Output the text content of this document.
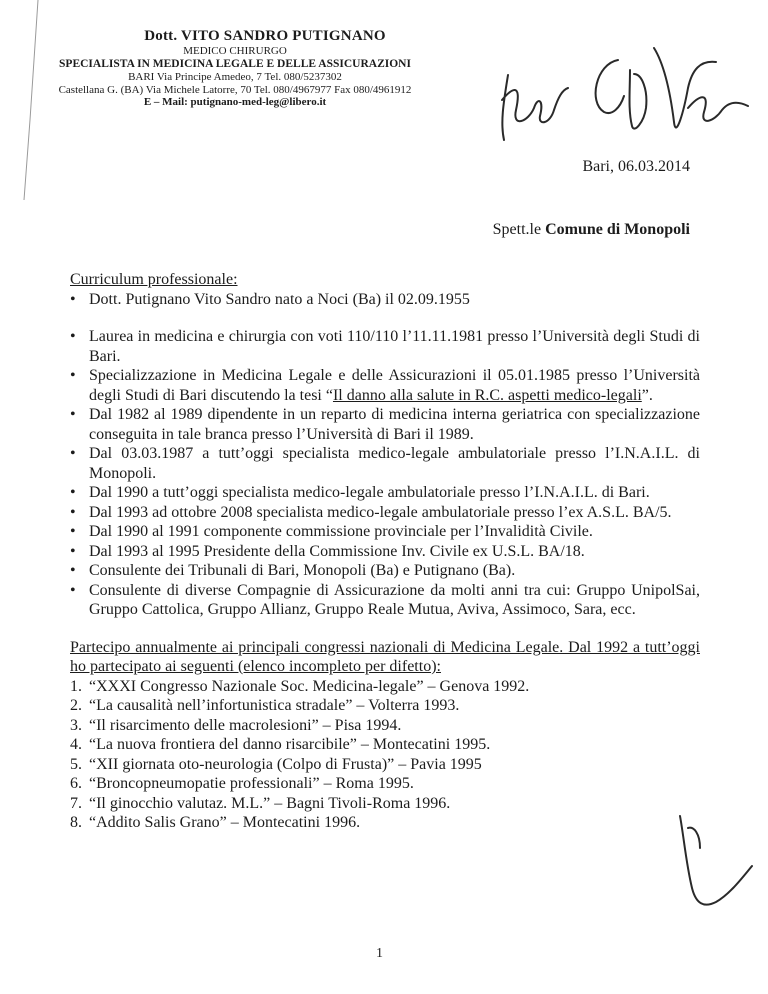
Dott. VITO SANDRO PUTIGNANO
MEDICO CHIRURGO
SPECIALISTA IN MEDICINA LEGALE E DELLE ASSICURAZIONI
BARI Via Principe Amedeo, 7 Tel. 080/5237302
Castellana G. (BA) Via Michele Latorre, 70 Tel. 080/4967977 Fax 080/4961912
E – Mail: putignano-med-leg@libero.it
Bari, 06.03.2014
Spett.le Comune di Monopoli

Curriculum professionale:

• Dott. Putignano Vito Sandro nato a Noci (Ba) il 02.09.1955
• Laurea in medicina e chirurgia con voti 110/110 l’11.11.1981 presso l’Università degli Studi di Bari.
• Specializzazione in Medicina Legale e delle Assicurazioni il 05.01.1985 presso l’Università degli Studi di Bari discutendo la tesi “Il danno alla salute in R.C. aspetti medico-legali”.
• Dal 1982 al 1989 dipendente in un reparto di medicina interna geriatrica con specializzazione conseguita in tale branca presso l’Università di Bari il 1989.
• Dal 03.03.1987 a tutt’oggi specialista medico-legale ambulatoriale presso l’I.N.A.I.L. di Monopoli.
• Dal 1990 a tutt’oggi specialista medico-legale ambulatoriale presso l’I.N.A.I.L. di Bari.
• Dal 1993 ad ottobre 2008 specialista medico-legale ambulatoriale presso l’ex A.S.L. BA/5.
• Dal 1990 al 1991 componente commissione provinciale per l’Invalidità Civile.
• Dal 1993 al 1995 Presidente della Commissione Inv. Civile ex U.S.L. BA/18.
• Consulente dei Tribunali di Bari, Monopoli (Ba) e Putignano (Ba).
• Consulente di diverse Compagnie di Assicurazione da molti anni tra cui: Gruppo UnipolSai, Gruppo Cattolica, Gruppo Allianz, Gruppo Reale Mutua, Aviva, Assimoco, Sara, ecc.

Partecipo annualmente ai principali congressi nazionali di Medicina Legale. Dal 1992 a tutt’oggi ho partecipato ai seguenti (elenco incompleto per difetto):

1. “XXXI Congresso Nazionale Soc. Medicina-legale” – Genova 1992.
2. “La causalità nell’infortunistica stradale” – Volterra 1993.
3. “Il risarcimento delle macrolesioni” – Pisa 1994.
4. “La nuova frontiera del danno risarcibile” – Montecatini 1995.
5. “XII giornata oto-neurologia (Colpo di Frusta)” – Pavia 1995
6. “Broncopneumopatie professionali” – Roma 1995.
7. “Il ginocchio valutaz. M.L.” – Bagni Tivoli-Roma 1996.
8. “Addito Salis Grano” – Montecatini 1996.
1
